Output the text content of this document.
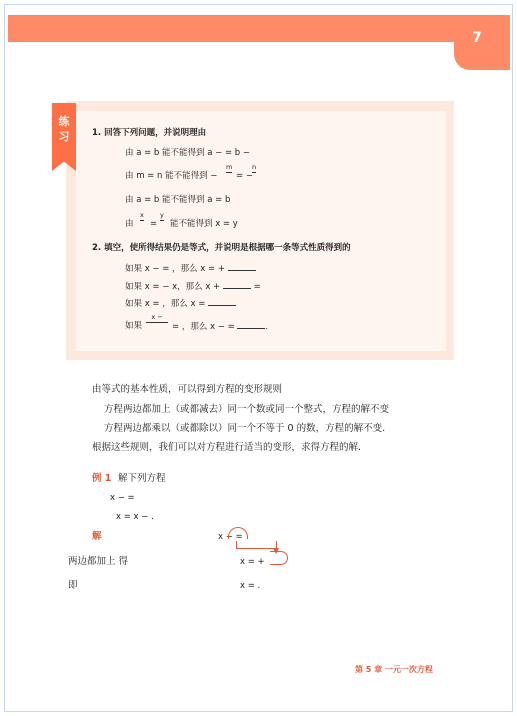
7
练
习	1. 回答下列问题，并说明理由
由 a = b 能不能得到 a − = b −
由 m = n 能不能得到 −
m

= −
n

由 a = b 能不能得到 a = b
由
x

=
y

能不能得到 x = y
2. 填空，使所得结果仍是等式，并说明是根据哪一条等式性质得到的
如果 x − = ，那么 x = +
如果 x = − x，那么 x +	=
如果 x = ，那么 x =
如果
x −

= ，那么 x − =	.
由等式的基本性质，可以得到方程的变形规则
方程两边都加上（或都减去）同一个数或同一个整式，方程的解不变
方程两边都乘以（或都除以）同一个不等于 0 的数，方程的解不变.
根据这些规则，我们可以对方程进行适当的变形，求得方程的解.
例 1 解下列方程
x − =
x = x − .
解	x − =
两边都加上 得	x = +
即	x = .
第 5 章 一元一次方程
